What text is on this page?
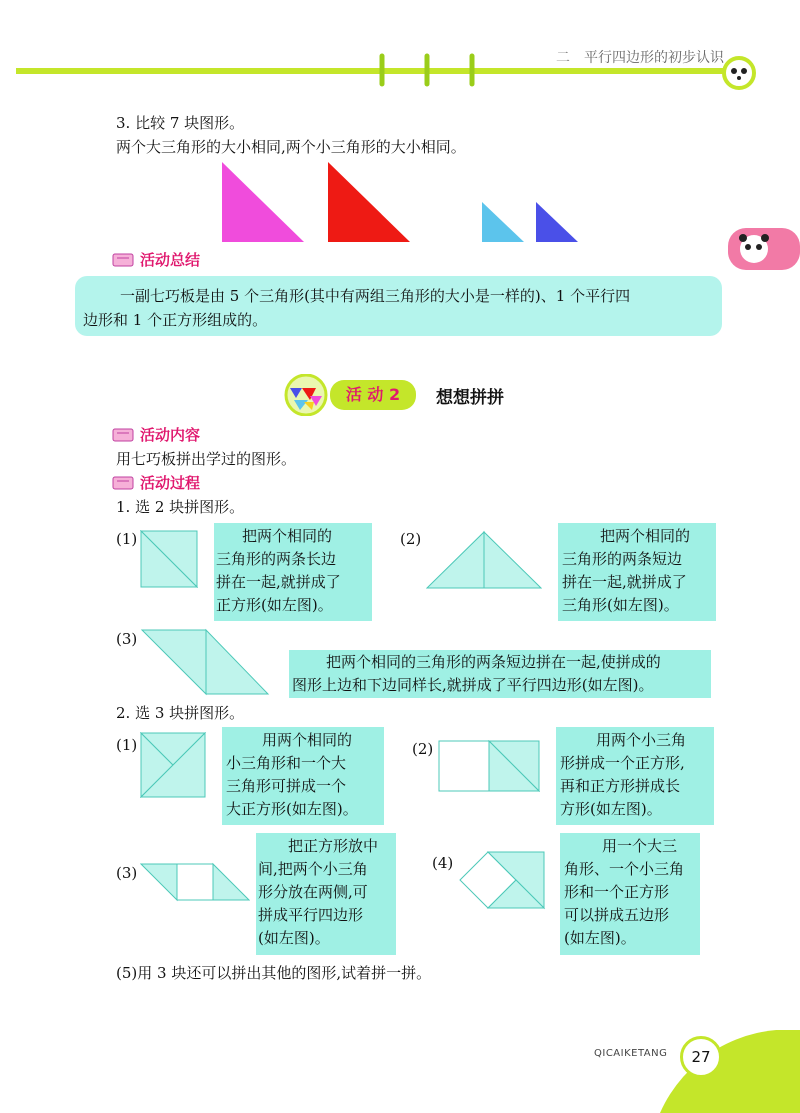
二 平行四边形的初步认识
3. 比较 7 块图形。
两个大三角形的大小相同,两个小三角形的大小相同。
活动总结
一副七巧板是由 5 个三角形(其中有两组三角形的大小是一样的)、1 个平行四
边形和 1 个正方形组成的。
活 动 2	想想拼拼
活动内容
用七巧板拼出学过的图形。
活动过程
1. 选 2 块拼图形。
(1)	把两个相同的
三角形的两条长边
拼在一起,就拼成了
正方形(如左图)。
(2)	把两个相同的
三角形的两条短边
拼在一起,就拼成了
三角形(如左图)。
(3)
把两个相同的三角形的两条短边拼在一起,使拼成的
图形上边和下边同样长,就拼成了平行四边形(如左图)。
2. 选 3 块拼图形。
(1)	用两个相同的
小三角形和一个大
三角形可拼成一个
大正方形(如左图)。
(2)	用两个小三角
形拼成一个正方形,
再和正方形拼成长
方形(如左图)。
(3)
把正方形放中
间,把两个小三角
形分放在两侧,可
拼成平行四边形
(如左图)。
(4)
用一个大三
角形、一个小三角
形和一个正方形
可以拼成五边形
(如左图)。
(5)用 3 块还可以拼出其他的图形,试着拼一拼。
QICAIKETANG	27
